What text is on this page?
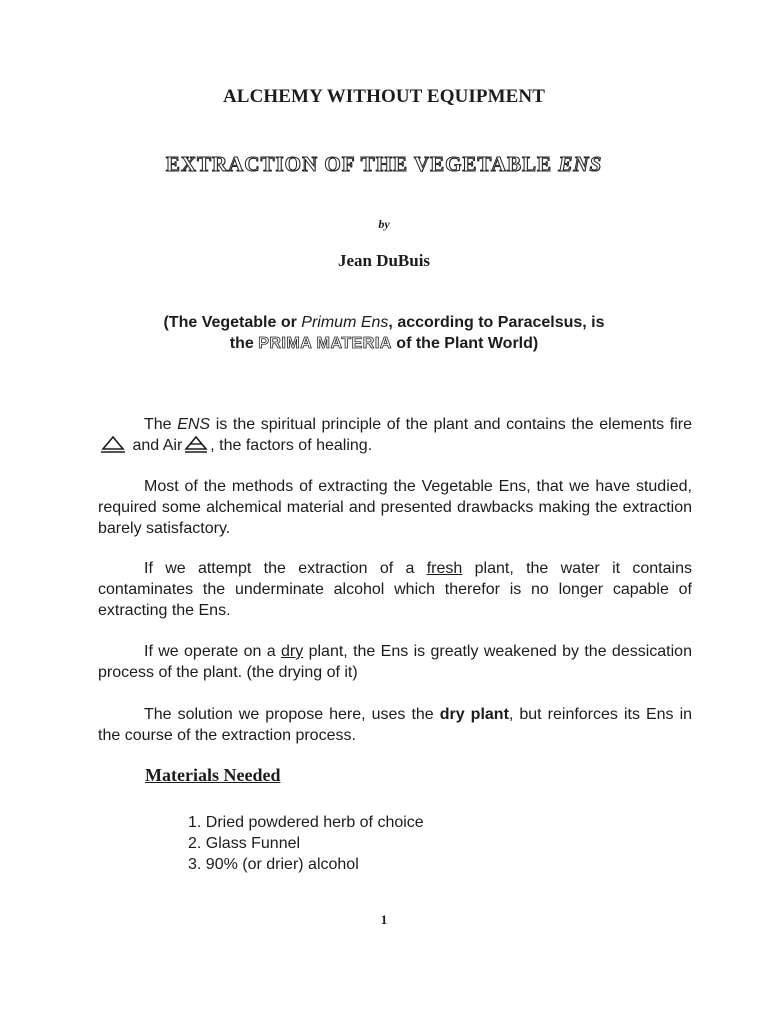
ALCHEMY WITHOUT EQUIPMENT
EXTRACTION OF THE VEGETABLE ENS
by
Jean DuBuis
(The Vegetable or Primum Ens, according to Paracelsus, is
the PRIMA MATERIA of the Plant World)
The ENS is the spiritual principle of the plant and contains the elements fire and Air , the factors of healing.
Most of the methods of extracting the Vegetable Ens, that we have studied, required some alchemical material and presented drawbacks making the extraction barely satisfactory.
If we attempt the extraction of a fresh plant, the water it contains contaminates the underminate alcohol which therefor is no longer capable of extracting the Ens.
If we operate on a dry plant, the Ens is greatly weakened by the dessication process of the plant. (the drying of it)
The solution we propose here, uses the dry plant, but reinforces its Ens in the course of the extraction process.
Materials Needed
1. Dried powdered herb of choice
2. Glass Funnel
3. 90% (or drier) alcohol
1
